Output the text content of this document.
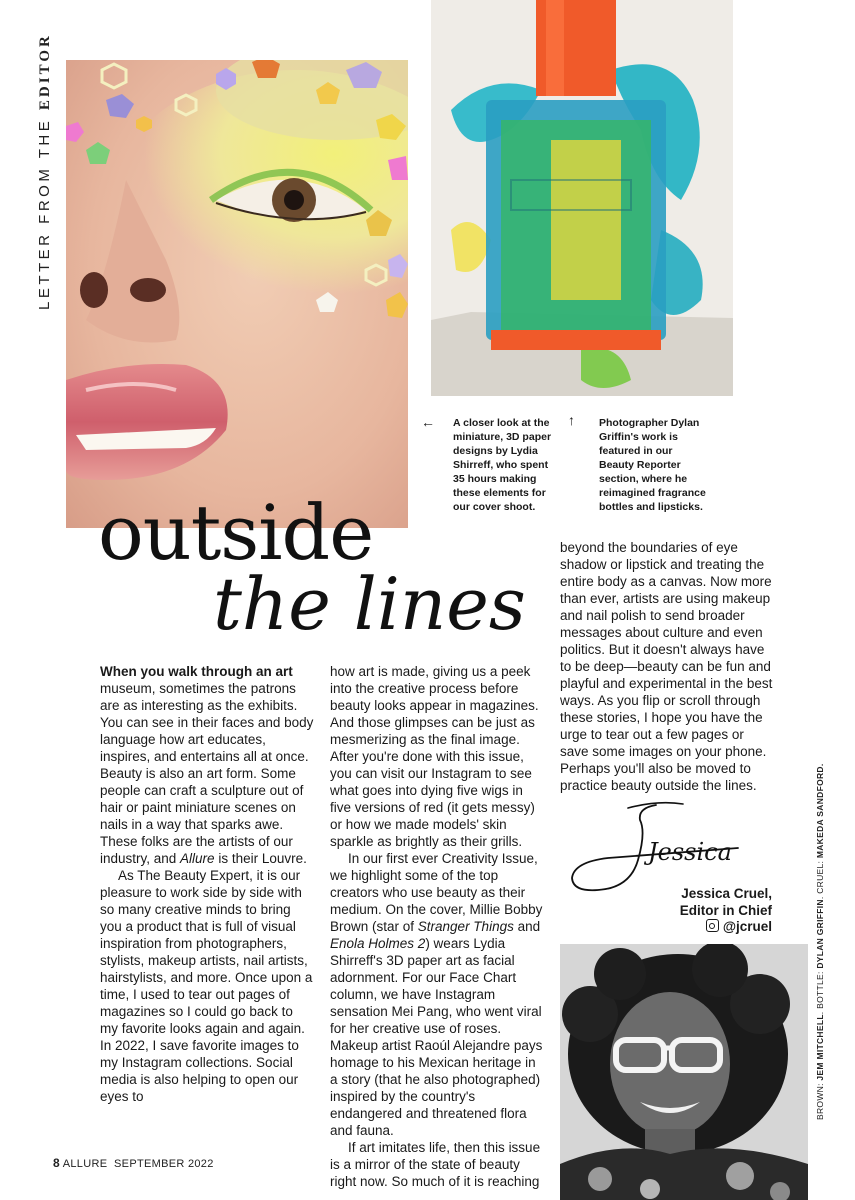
LETTER FROM THE EDITOR
← A closer look at the miniature, 3D paper designs by Lydia Shirreff, who spent 35 hours making these elements for our cover shoot.
↑ Photographer Dylan Griffin's work is featured in our Beauty Reporter section, where he reimagined fragrance bottles and lipsticks.
outside
the lines

When you walk through an art museum, sometimes the patrons are as interesting as the exhibits. You can see in their faces and body language how art educates, inspires, and entertains all at once. Beauty is also an art form. Some people can craft a sculpture out of hair or paint miniature scenes on nails in a way that sparks awe. These folks are the artists of our industry, and Allure is their Louvre.

As The Beauty Expert, it is our pleasure to work side by side with so many creative minds to bring you a product that is full of visual inspiration from photographers, stylists, makeup artists, nail artists, hairstylists, and more. Once upon a time, I used to tear out pages of magazines so I could go back to my favorite looks again and again. In 2022, I save favorite images to my Instagram collections. Social media is also helping to open our eyes to

how art is made, giving us a peek into the creative process before beauty looks appear in magazines. And those glimpses can be just as mesmerizing as the final image. After you're done with this issue, you can visit our Instagram to see what goes into dying five wigs in five versions of red (it gets messy) or how we made models' skin sparkle as brightly as their grills.

In our first ever Creativity Issue, we highlight some of the top creators who use beauty as their medium. On the cover, Millie Bobby Brown (star of Stranger Things and Enola Holmes 2) wears Lydia Shirreff's 3D paper art as facial adornment. For our Face Chart column, we have Instagram sensation Mei Pang, who went viral for her creative use of roses. Makeup artist Raoúl Alejandre pays homage to his Mexican heritage in a story (that he also photographed) inspired by the country's endangered and threatened flora and fauna.

If art imitates life, then this issue is a mirror of the state of beauty right now. So much of it is reaching

beyond the boundaries of eye shadow or lipstick and treating the entire body as a canvas. Now more than ever, artists are using makeup and nail polish to send broader messages about culture and even politics. But it doesn't always have to be deep—beauty can be fun and playful and experimental in the best ways. As you flip or scroll through these stories, I hope you have the urge to tear out a few pages or save some images on your phone. Perhaps you'll also be moved to practice beauty outside the lines.

Jessica
Jessica Cruel,
Editor in Chief
@jcruel
BROWN: JEM MITCHELL. BOTTLE: DYLAN GRIFFIN. CRUEL: MAKEDA SANDFORD.
8 ALLURE  SEPTEMBER 2022
